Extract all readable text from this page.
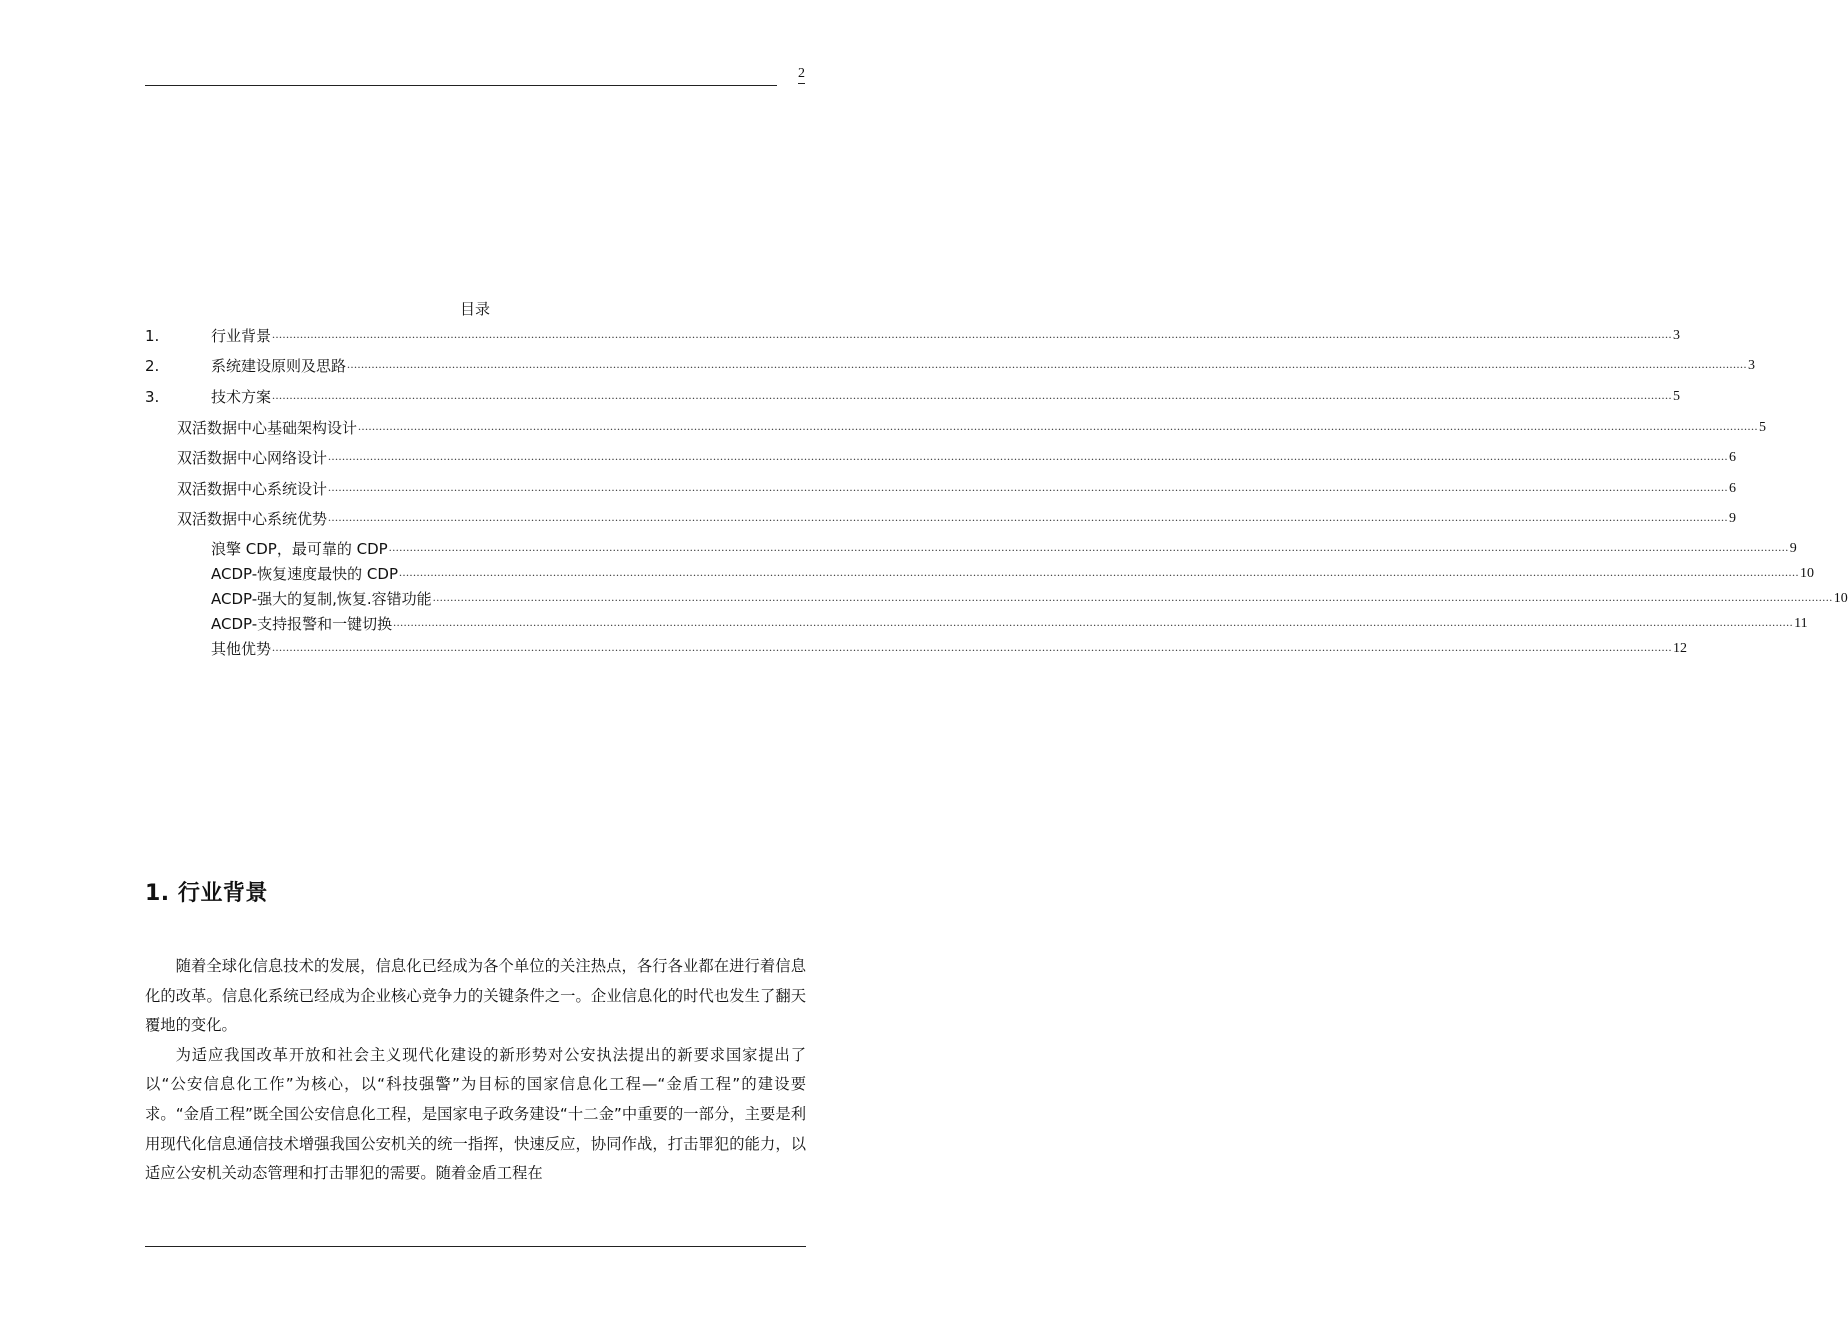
2
目录
1.	行业背景 ................................................................................................................................................................................................................................................................................................................................................................................................................ 3
2.	系统建设原则及思路 ................................................................................................................................................................................................................................................................................................................................................................................................................ 3
3.	技术方案 ................................................................................................................................................................................................................................................................................................................................................................................................................ 5
双活数据中心基础架构设计 ................................................................................................................................................................................................................................................................................................................................................................................................................ 5
双活数据中心网络设计 ................................................................................................................................................................................................................................................................................................................................................................................................................ 6
双活数据中心系统设计 ................................................................................................................................................................................................................................................................................................................................................................................................................ 6
双活数据中心系统优势 ................................................................................................................................................................................................................................................................................................................................................................................................................ 9
浪擎 CDP，最可靠的 CDP ................................................................................................................................................................................................................................................................................................................................................................................................................ 9
ACDP-恢复速度最快的 CDP ................................................................................................................................................................................................................................................................................................................................................................................................................ 10
ACDP-强大的复制,恢复.容错功能 ................................................................................................................................................................................................................................................................................................................................................................................................................ 10
ACDP-支持报警和一键切换 ................................................................................................................................................................................................................................................................................................................................................................................................................ 11
其他优势 ................................................................................................................................................................................................................................................................................................................................................................................................................ 12
1. 行业背景

随着全球化信息技术的发展，信息化已经成为各个单位的关注热点，各行各业都在进行着信息化的改革。信息化系统已经成为企业核心竞争力的关键条件之一。企业信息化的时代也发生了翻天覆地的变化。

为适应我国改革开放和社会主义现代化建设的新形势对公安执法提出的新要求国家提出了以“公安信息化工作”为核心，以“科技强警”为目标的国家信息化工程—“金盾工程”的建设要求。“金盾工程”既全国公安信息化工程，是国家电子政务建设“十二金”中重要的一部分，主要是利用现代化信息通信技术增强我国公安机关的统一指挥，快速反应，协同作战，打击罪犯的能力，以适应公安机关动态管理和打击罪犯的需要。随着金盾工程在
